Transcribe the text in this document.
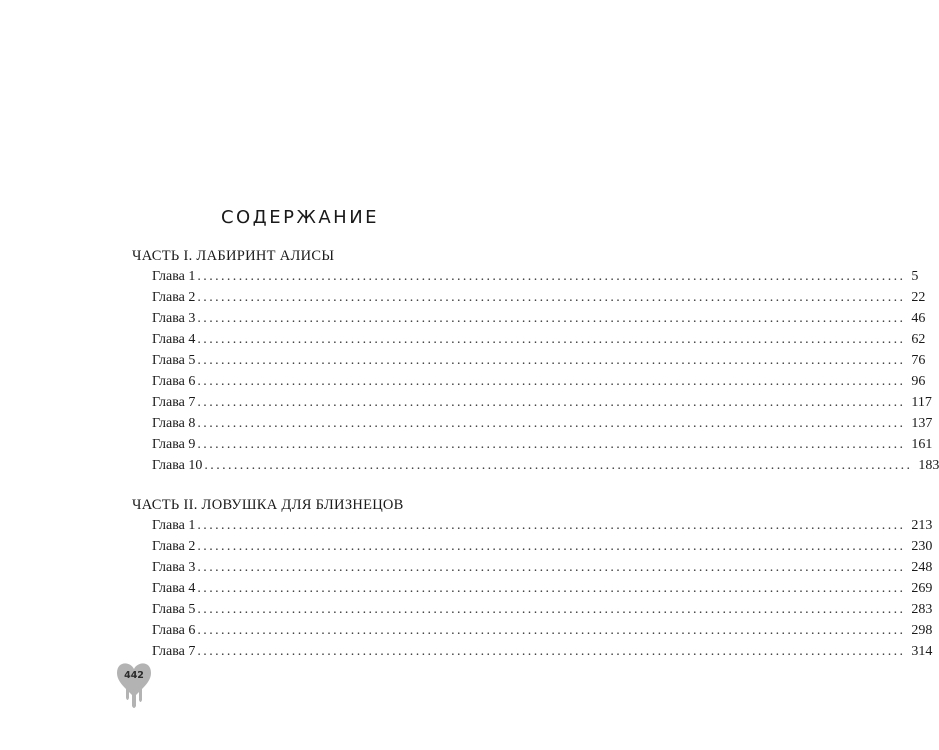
СОДЕРЖАНИЕ
ЧАСТЬ I. ЛАБИРИНТ АЛИСЫ
Глава 1 ........................................................................................................................ 5
Глава 2 ........................................................................................................................ 22
Глава 3 ........................................................................................................................ 46
Глава 4 ........................................................................................................................ 62
Глава 5 ........................................................................................................................ 76
Глава 6 ........................................................................................................................ 96
Глава 7 ........................................................................................................................ 117
Глава 8 ........................................................................................................................ 137
Глава 9 ........................................................................................................................ 161
Глава 10 ........................................................................................................................ 183
ЧАСТЬ II. ЛОВУШКА ДЛЯ БЛИЗНЕЦОВ
Глава 1 ........................................................................................................................ 213
Глава 2 ........................................................................................................................ 230
Глава 3 ........................................................................................................................ 248
Глава 4 ........................................................................................................................ 269
Глава 5 ........................................................................................................................ 283
Глава 6 ........................................................................................................................ 298
Глава 7 ........................................................................................................................ 314
442
